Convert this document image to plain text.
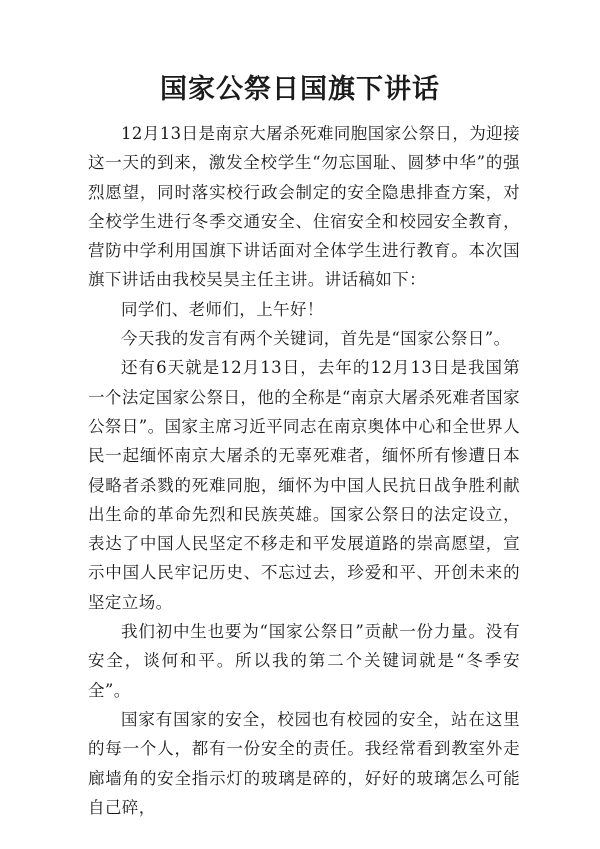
国家公祭日国旗下讲话

12月13日是南京大屠杀死难同胞国家公祭日，为迎接这一天的到来，激发全校学生“勿忘国耻、圆梦中华”的强烈愿望，同时落实校行政会制定的安全隐患排查方案，对全校学生进行冬季交通安全、住宿安全和校园安全教育，营防中学利用国旗下讲话面对全体学生进行教育。本次国旗下讲话由我校吴昊主任主讲。讲话稿如下：

同学们、老师们，上午好！

今天我的发言有两个关键词，首先是“国家公祭日”。

还有6天就是12月13日，去年的12月13日是我国第一个法定国家公祭日，他的全称是“南京大屠杀死难者国家公祭日”。国家主席习近平同志在南京奥体中心和全世界人民一起缅怀南京大屠杀的无辜死难者，缅怀所有惨遭日本侵略者杀戮的死难同胞，缅怀为中国人民抗日战争胜利献出生命的革命先烈和民族英雄。国家公祭日的法定设立，表达了中国人民坚定不移走和平发展道路的崇高愿望，宣示中国人民牢记历史、不忘过去，珍爱和平、开创未来的坚定立场。

我们初中生也要为“国家公祭日”贡献一份力量。没有安全，谈何和平。所以我的第二个关键词就是“冬季安全”。

国家有国家的安全，校园也有校园的安全，站在这里的每一个人，都有一份安全的责任。我经常看到教室外走廊墙角的安全指示灯的玻璃是碎的，好好的玻璃怎么可能自己碎，
